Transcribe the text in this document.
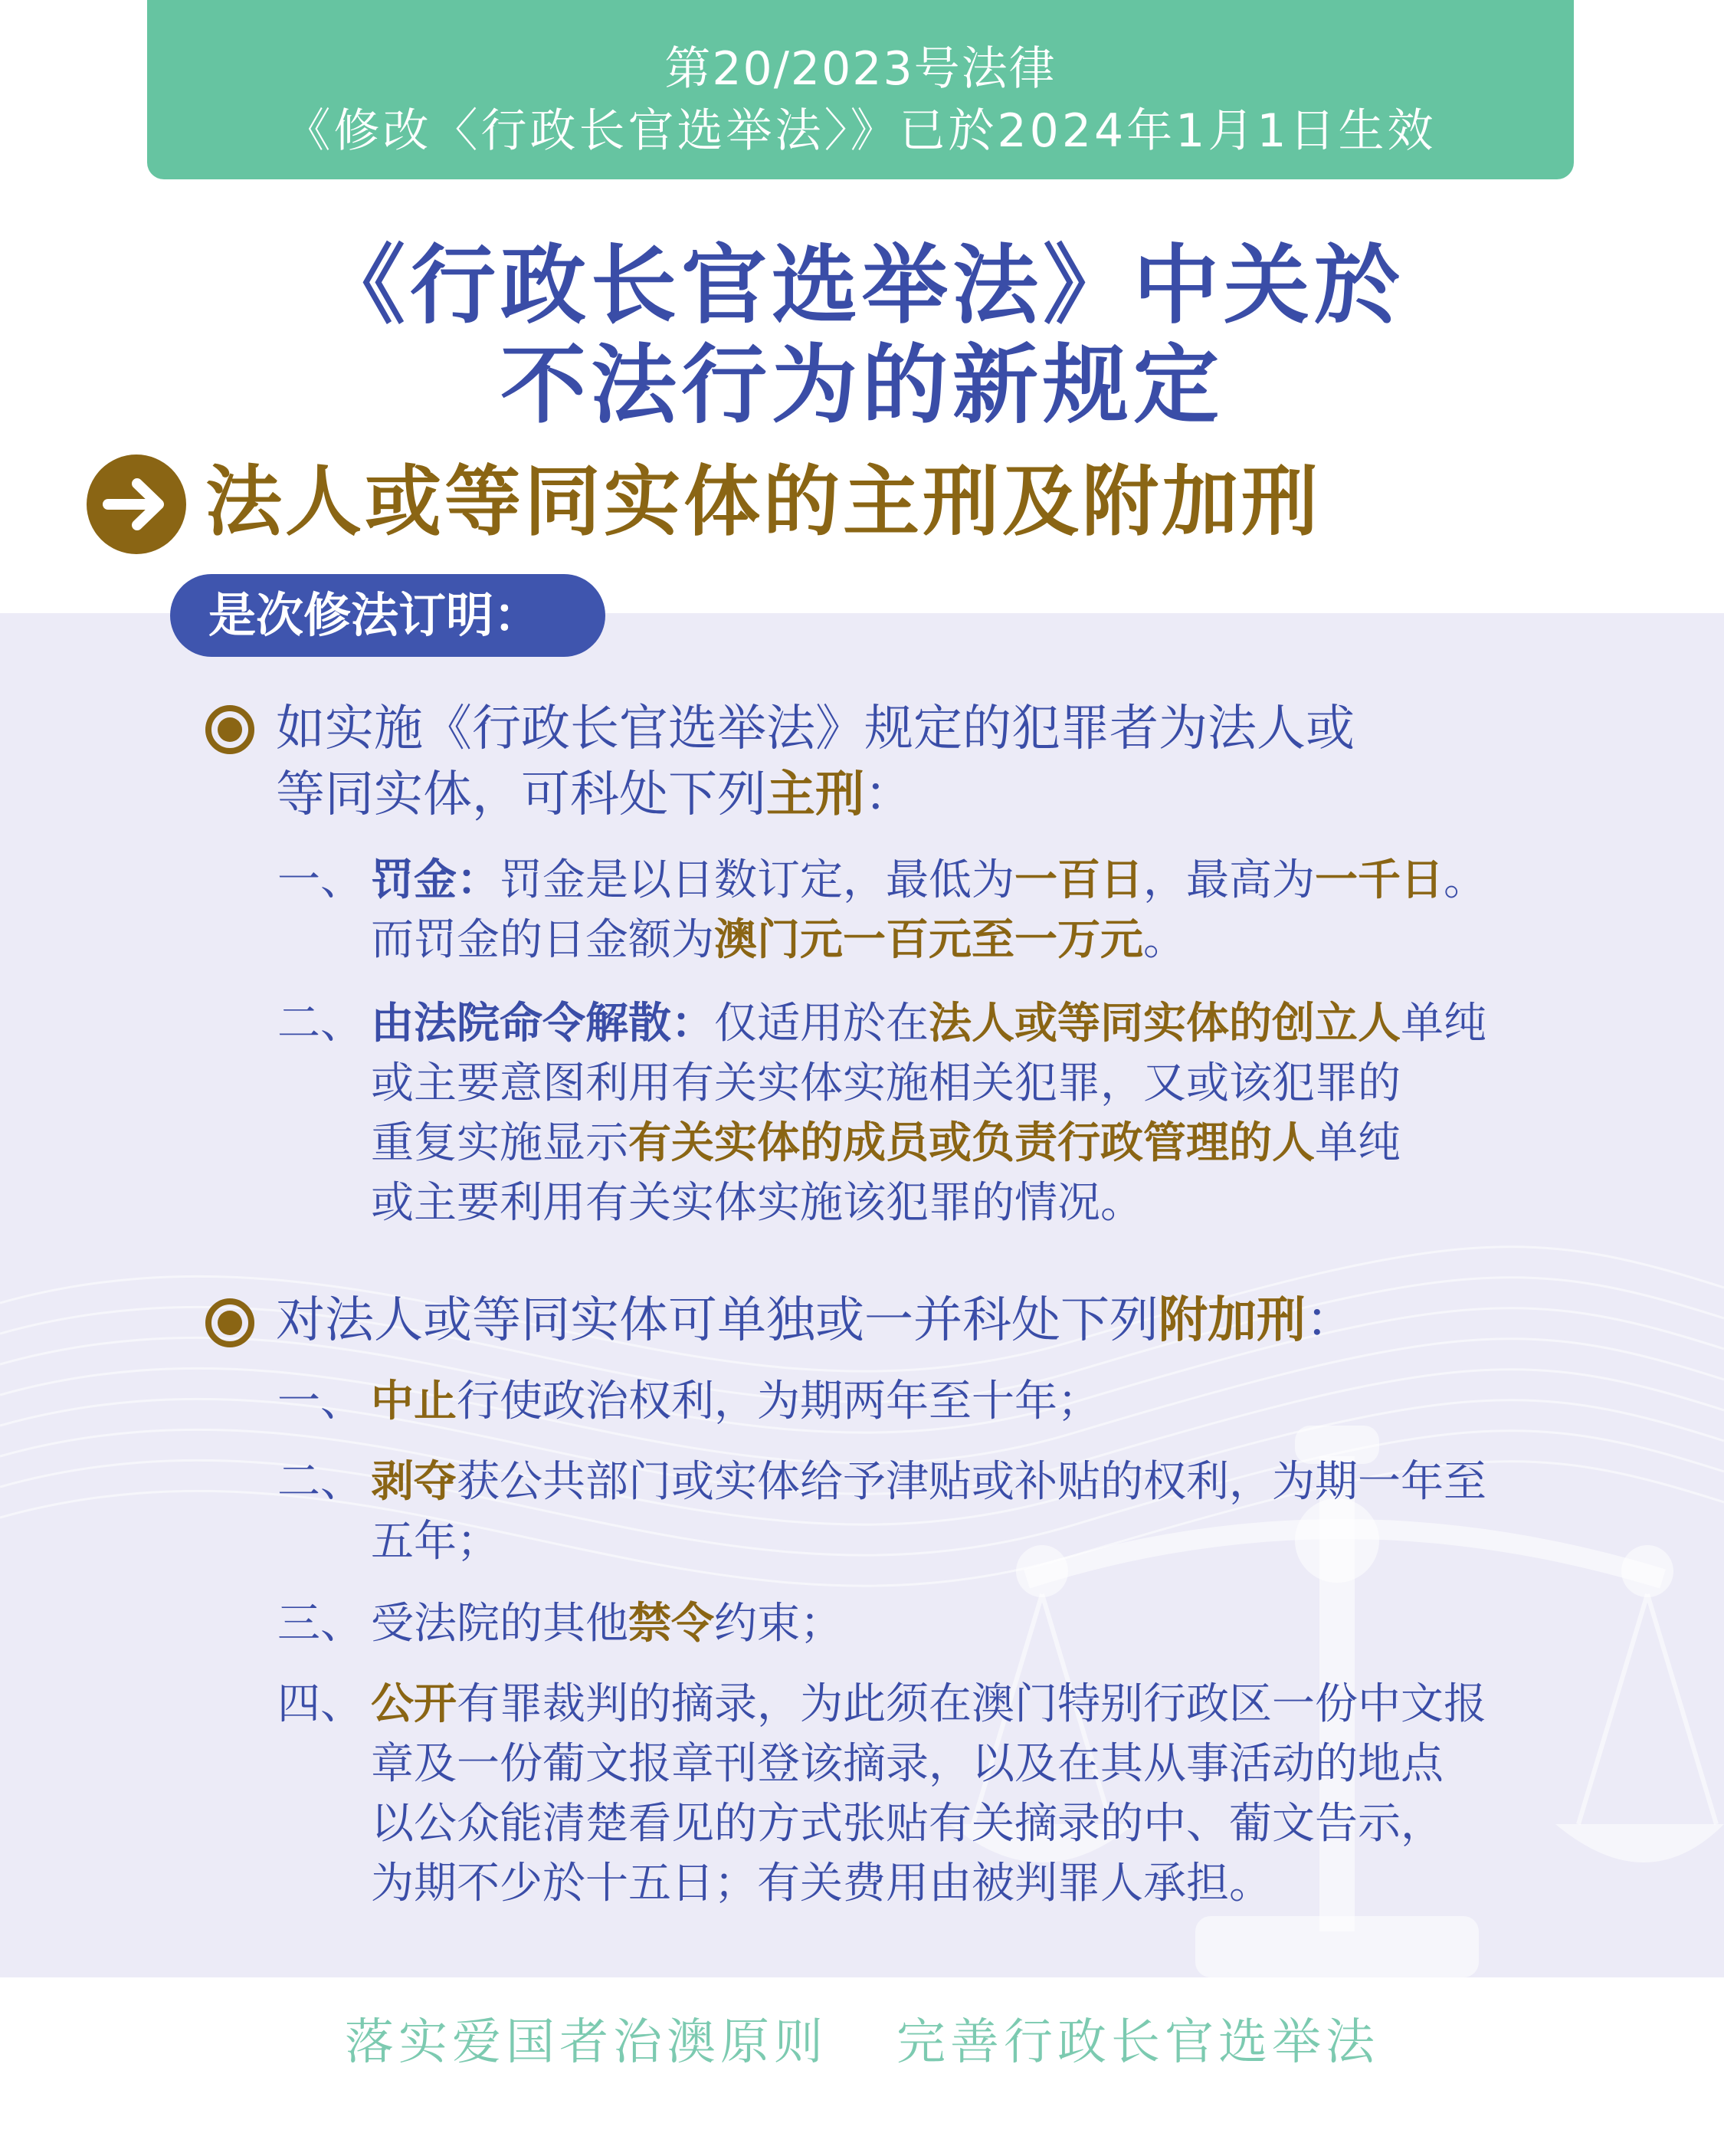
第20/2023号法律
《修改〈行政长官选举法〉》已於2024年1月1日生效
《行政长官选举法》中关於
不法行为的新规定
法人或等同实体的主刑及附加刑
是次修法订明：
如实施《行政长官选举法》规定的犯罪者为法人或
等同实体，可科处下列主刑：
一、 罚金：罚金是以日数订定，最低为一百日，最高为一千日。
而罚金的日金额为澳门元一百元至一万元。
二、 由法院命令解散：仅适用於在法人或等同实体的创立人单纯
或主要意图利用有关实体实施相关犯罪，又或该犯罪的
重复实施显示有关实体的成员或负责行政管理的人单纯
或主要利用有关实体实施该犯罪的情况。
对法人或等同实体可单独或一并科处下列附加刑：
一、 中止行使政治权利，为期两年至十年；
二、 剥夺获公共部门或实体给予津贴或补贴的权利，为期一年至
五年；
三、 受法院的其他禁令约束；
四、 公开有罪裁判的摘录，为此须在澳门特别行政区一份中文报
章及一份葡文报章刊登该摘录，以及在其从事活动的地点
以公众能清楚看见的方式张贴有关摘录的中、葡文告示，
为期不少於十五日；有关费用由被判罪人承担。
落实爱国者治澳原则 完善行政长官选举法
